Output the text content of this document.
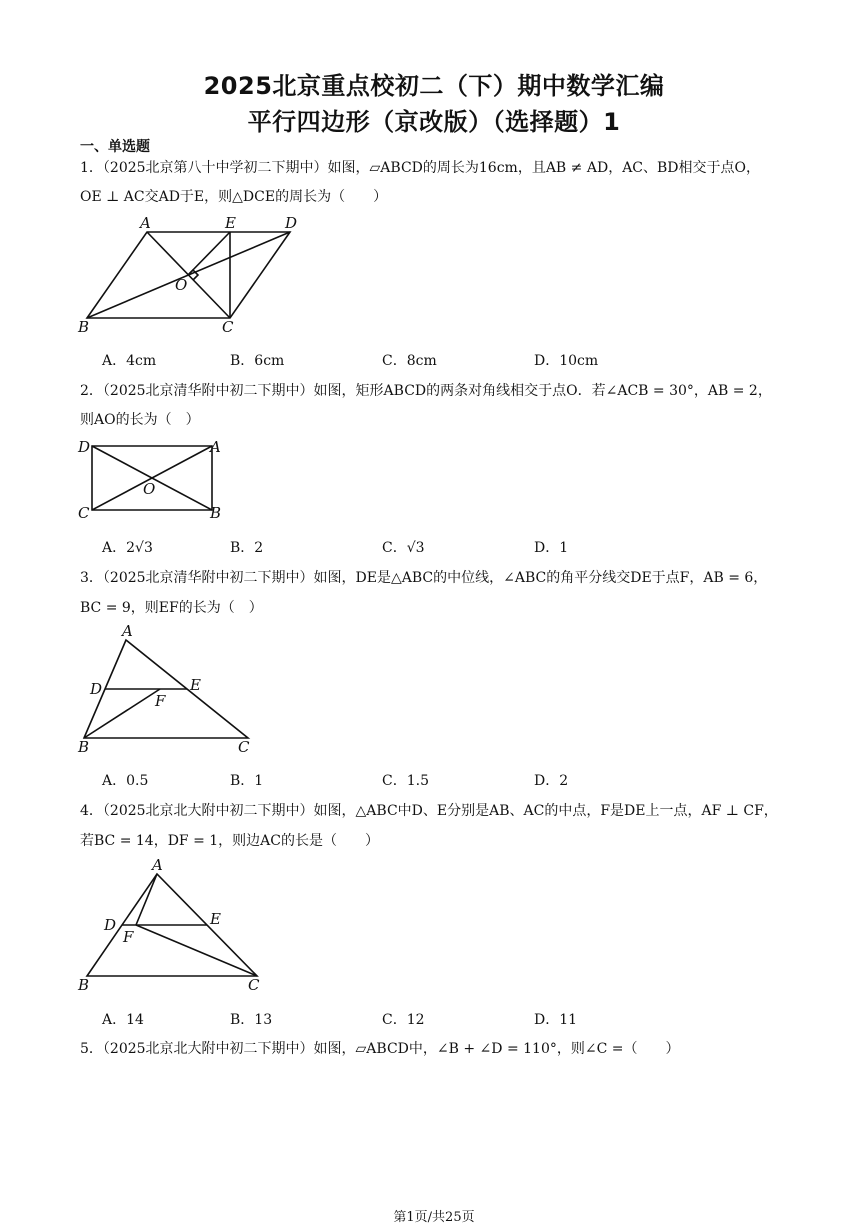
2025北京重点校初二（下）期中数学汇编
平行四边形（京改版）（选择题）1
一、单选题
1．（2025北京第八十中学初二下期中）如图，▱ABCD的周长为16cm，且AB ≠ AD，AC、BD相交于点O，
OE ⊥ AC交AD于E，则△DCE的周长为（　　）
A	E	D
O
B	C
A．4cm	B．6cm	C．8cm	D．10cm
2．（2025北京清华附中初二下期中）如图，矩形ABCD的两条对角线相交于点O．若∠ACB = 30°，AB = 2，
则AO的长为（　）
D	A
O
C	B
A．2√3	B．2	C．√3	D．1
3．（2025北京清华附中初二下期中）如图，DE是△ABC的中位线，∠ABC的角平分线交DE于点F，AB = 6，
BC = 9，则EF的长为（　）
A
D	E
F
B	C
A．0.5	B．1	C．1.5	D．2
4．（2025北京北大附中初二下期中）如图，△ABC中D、E分别是AB、AC的中点，F是DE上一点，AF ⊥ CF，
若BC = 14，DF = 1，则边AC的长是（　　）
A
D	E
F
B	C
A．14	B．13	C．12	D．11
5．（2025北京北大附中初二下期中）如图，▱ABCD中，∠B + ∠D = 110°，则∠C =（　　）
第1页/共25页
